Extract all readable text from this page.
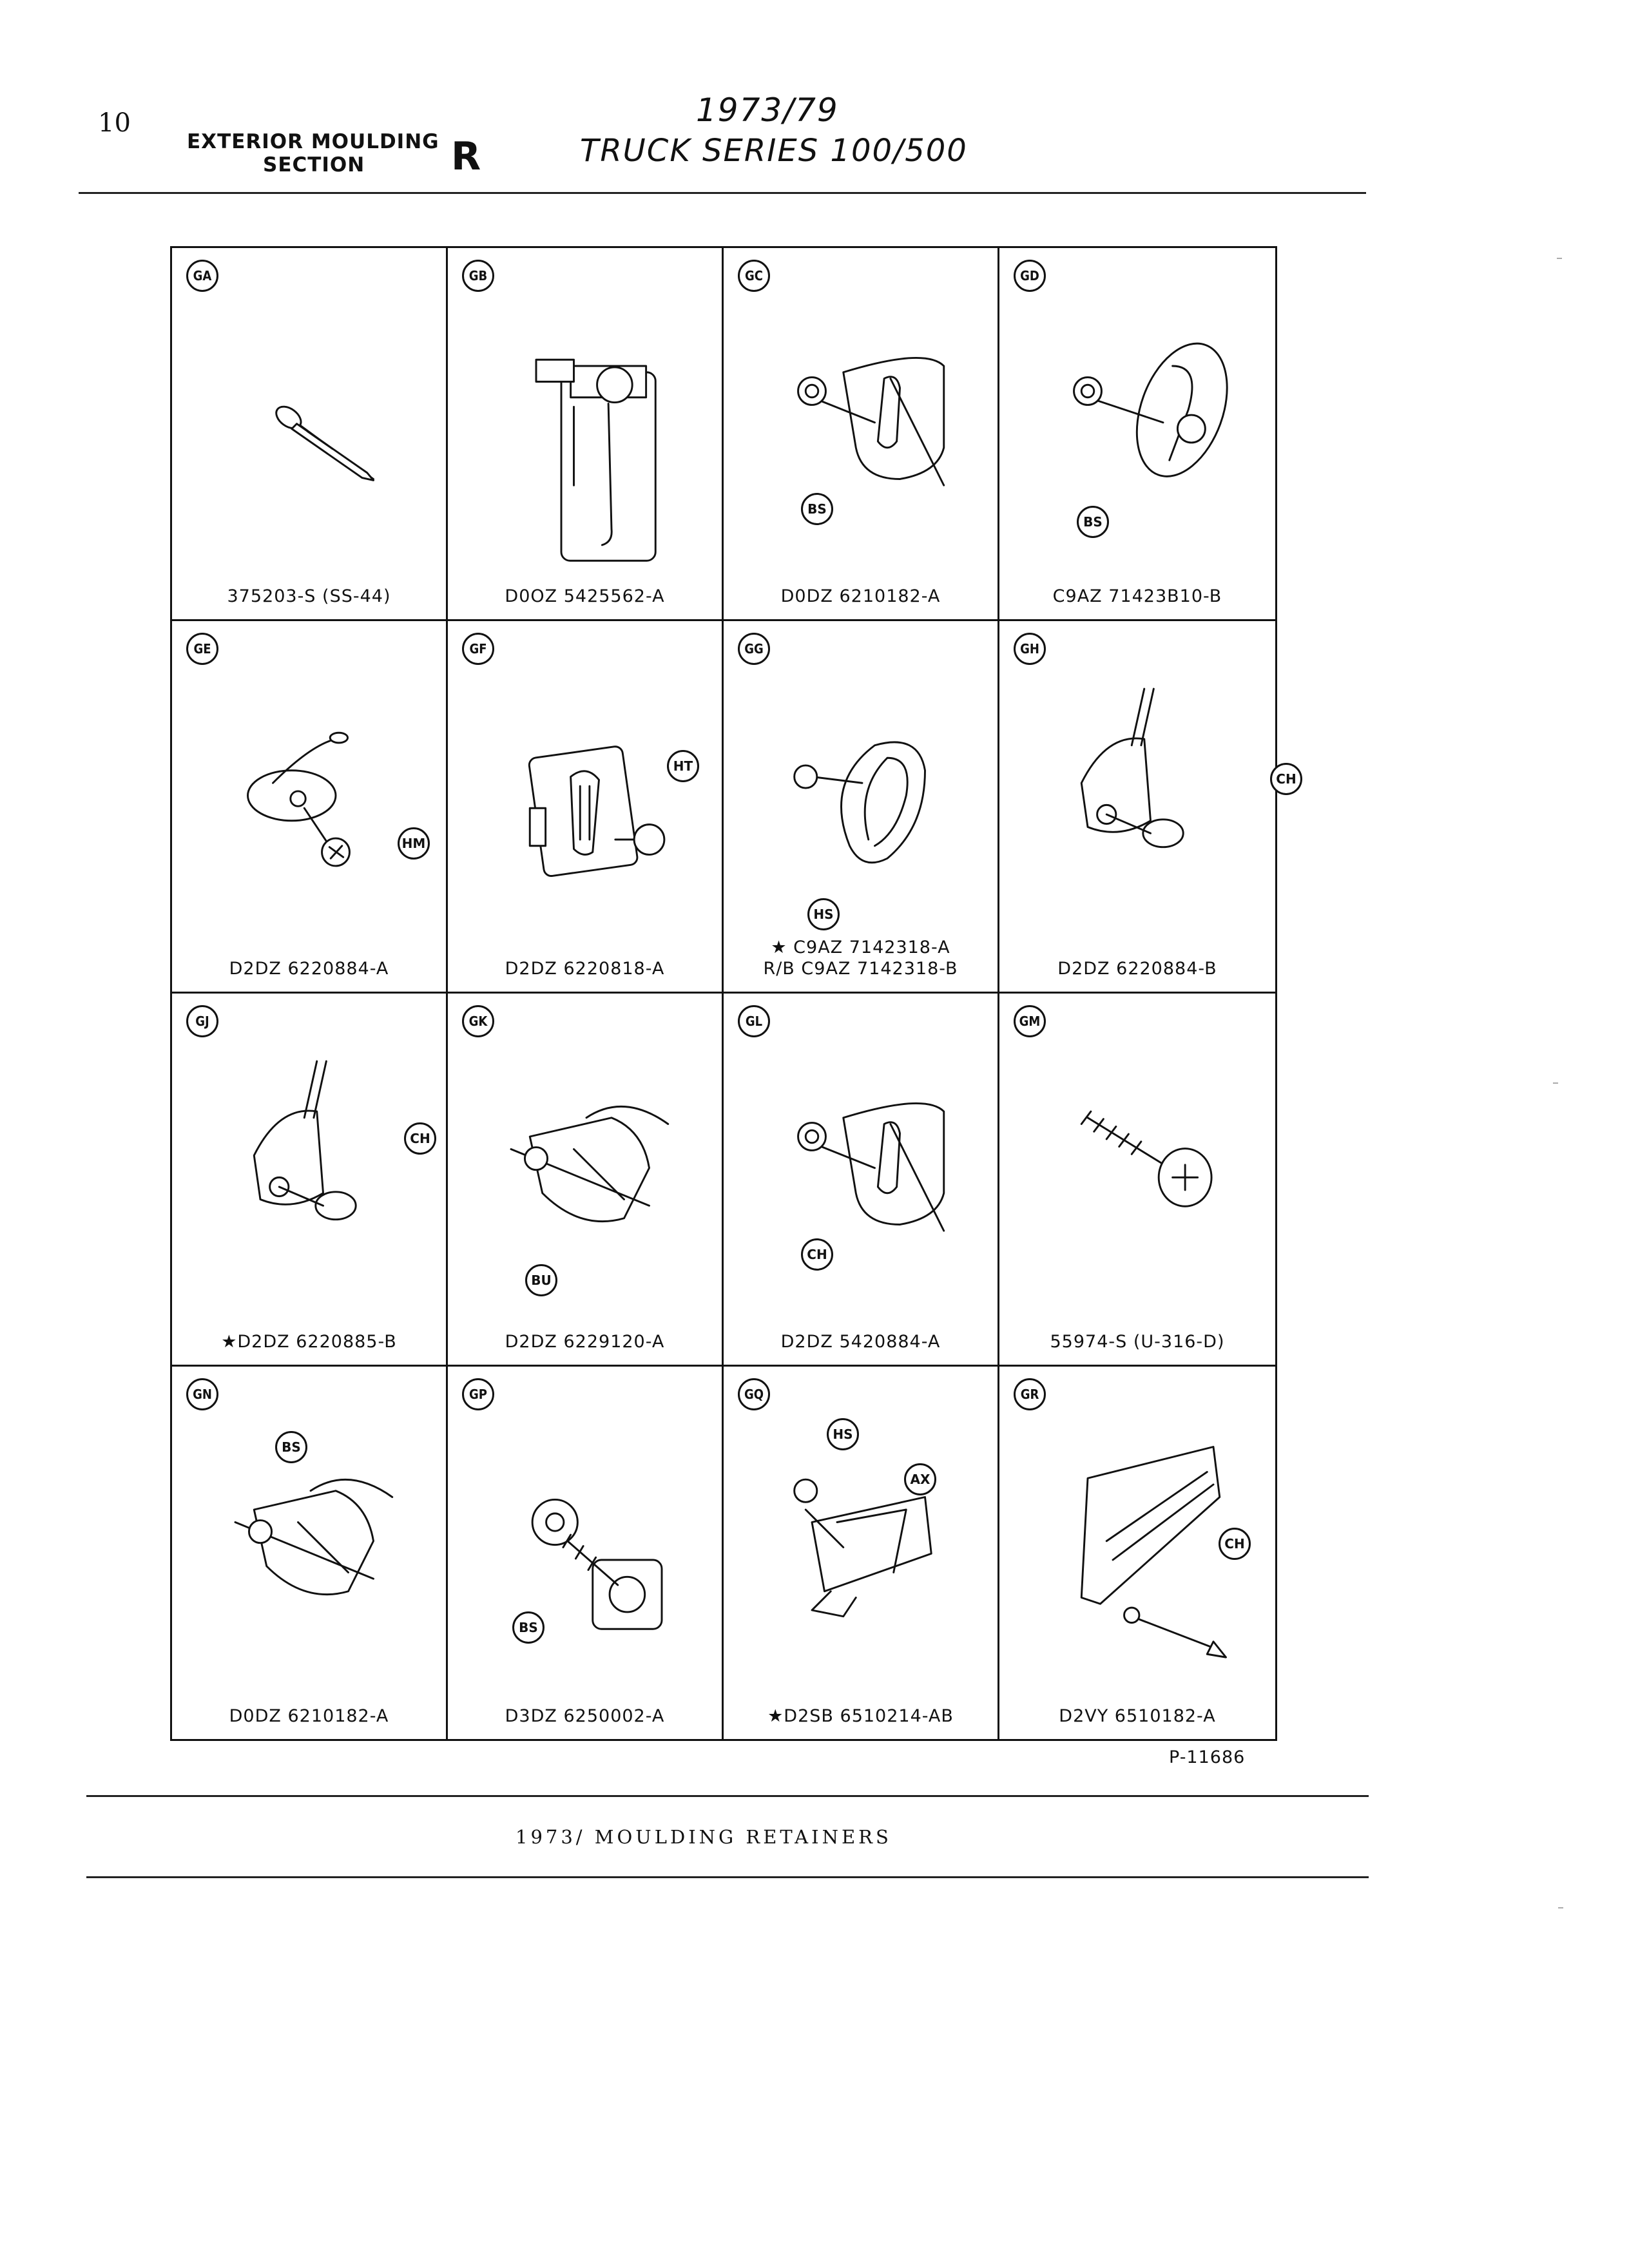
10
EXTERIOR MOULDING
SECTION R
1973/79
TRUCK SERIES 100/500
GA
375203-S (SS-44)
GB
D0OZ 5425562-A
GC
BS
D0DZ 6210182-A
GD
BS
C9AZ 71423B10-B
GE
HM
D2DZ 6220884-A
GF
HT
D2DZ 6220818-A
GG
HS
★ C9AZ 7142318-A
R/B C9AZ 7142318-B
GH
CH
D2DZ 6220884-B
GJ
CH
★D2DZ 6220885-B
GK
BU
D2DZ 6229120-A
GL
CH
D2DZ 5420884-A
GM
55974-S (U-316-D)
GN
BS
D0DZ 6210182-A
GP
BS
D3DZ 6250002-A
GQ
HS
AX
★D2SB 6510214-AB
GR
CH
D2VY 6510182-A
P-11686
1973/ MOULDING RETAINERS
